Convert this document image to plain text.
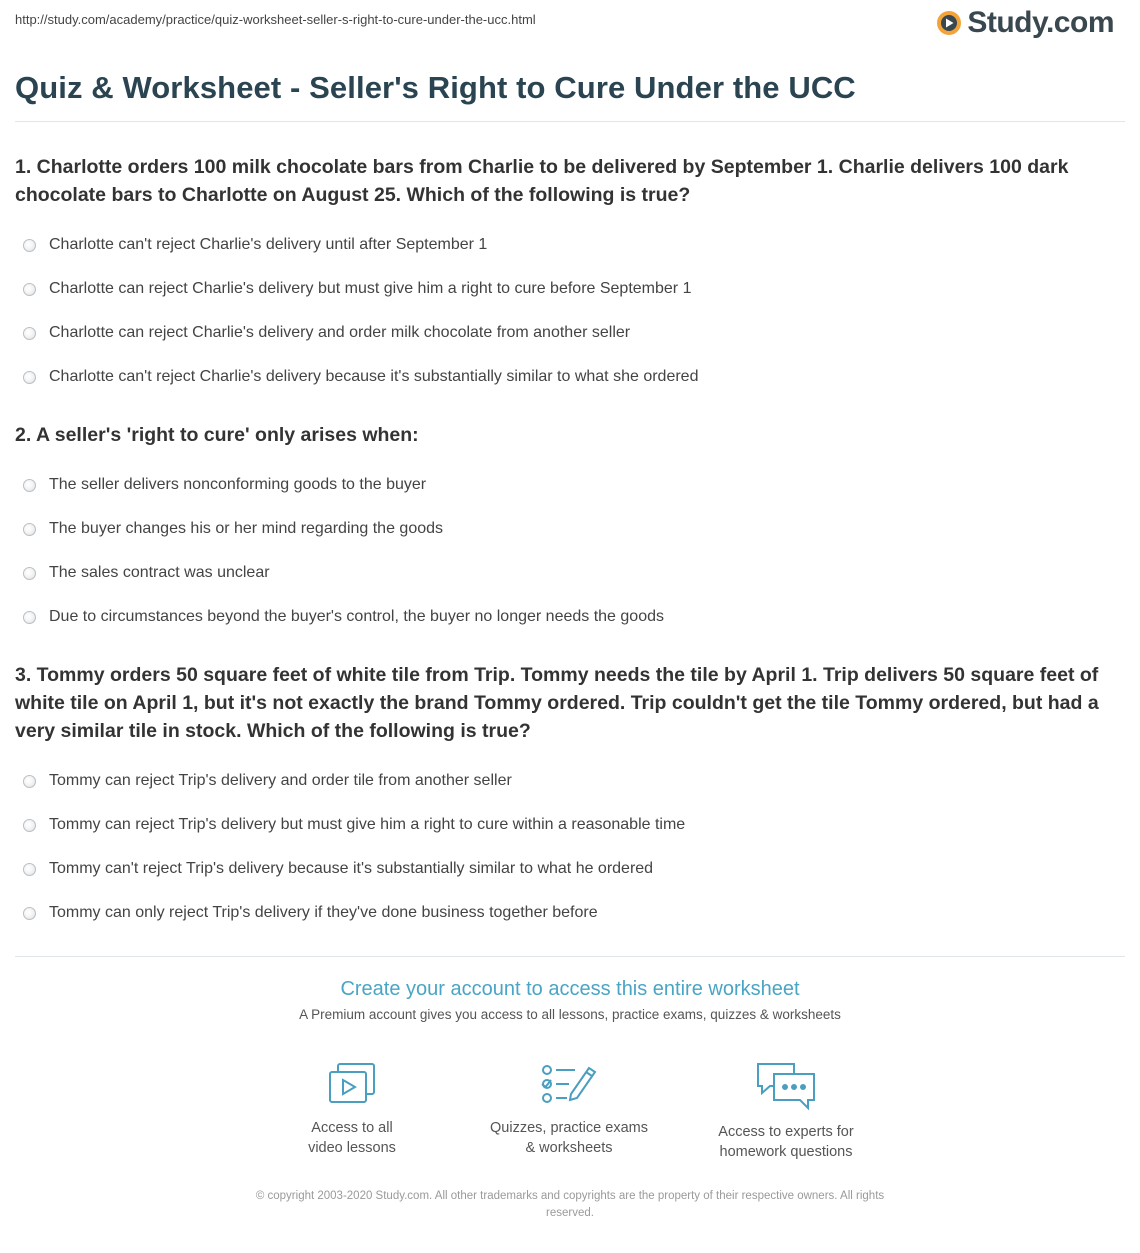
http://study.com/academy/practice/quiz-worksheet-seller-s-right-to-cure-under-the-ucc.html	Study.com
Quiz & Worksheet - Seller's Right to Cure Under the UCC

1. Charlotte orders 100 milk chocolate bars from Charlie to be delivered by September 1. Charlie delivers 100 dark chocolate bars to Charlotte on August 25. Which of the following is true?

Charlotte can't reject Charlie's delivery until after September 1
Charlotte can reject Charlie's delivery but must give him a right to cure before September 1
Charlotte can reject Charlie's delivery and order milk chocolate from another seller
Charlotte can't reject Charlie's delivery because it's substantially similar to what she ordered

2. A seller's 'right to cure' only arises when:

The seller delivers nonconforming goods to the buyer
The buyer changes his or her mind regarding the goods
The sales contract was unclear
Due to circumstances beyond the buyer's control, the buyer no longer needs the goods

3. Tommy orders 50 square feet of white tile from Trip. Tommy needs the tile by April 1. Trip delivers 50 square feet of white tile on April 1, but it's not exactly the brand Tommy ordered. Trip couldn't get the tile Tommy ordered, but had a very similar tile in stock. Which of the following is true?

Tommy can reject Trip's delivery and order tile from another seller
Tommy can reject Trip's delivery but must give him a right to cure within a reasonable time
Tommy can't reject Trip's delivery because it's substantially similar to what he ordered
Tommy can only reject Trip's delivery if they've done business together before
Create your account to access this entire worksheet

A Premium account gives you access to all lessons, practice exams, quizzes & worksheets

Access to all
video lessons
Quizzes, practice exams
& worksheets
Access to experts for
homework questions
© copyright 2003-2020 Study.com. All other trademarks and copyrights are the property of their respective owners. All rights
reserved.
